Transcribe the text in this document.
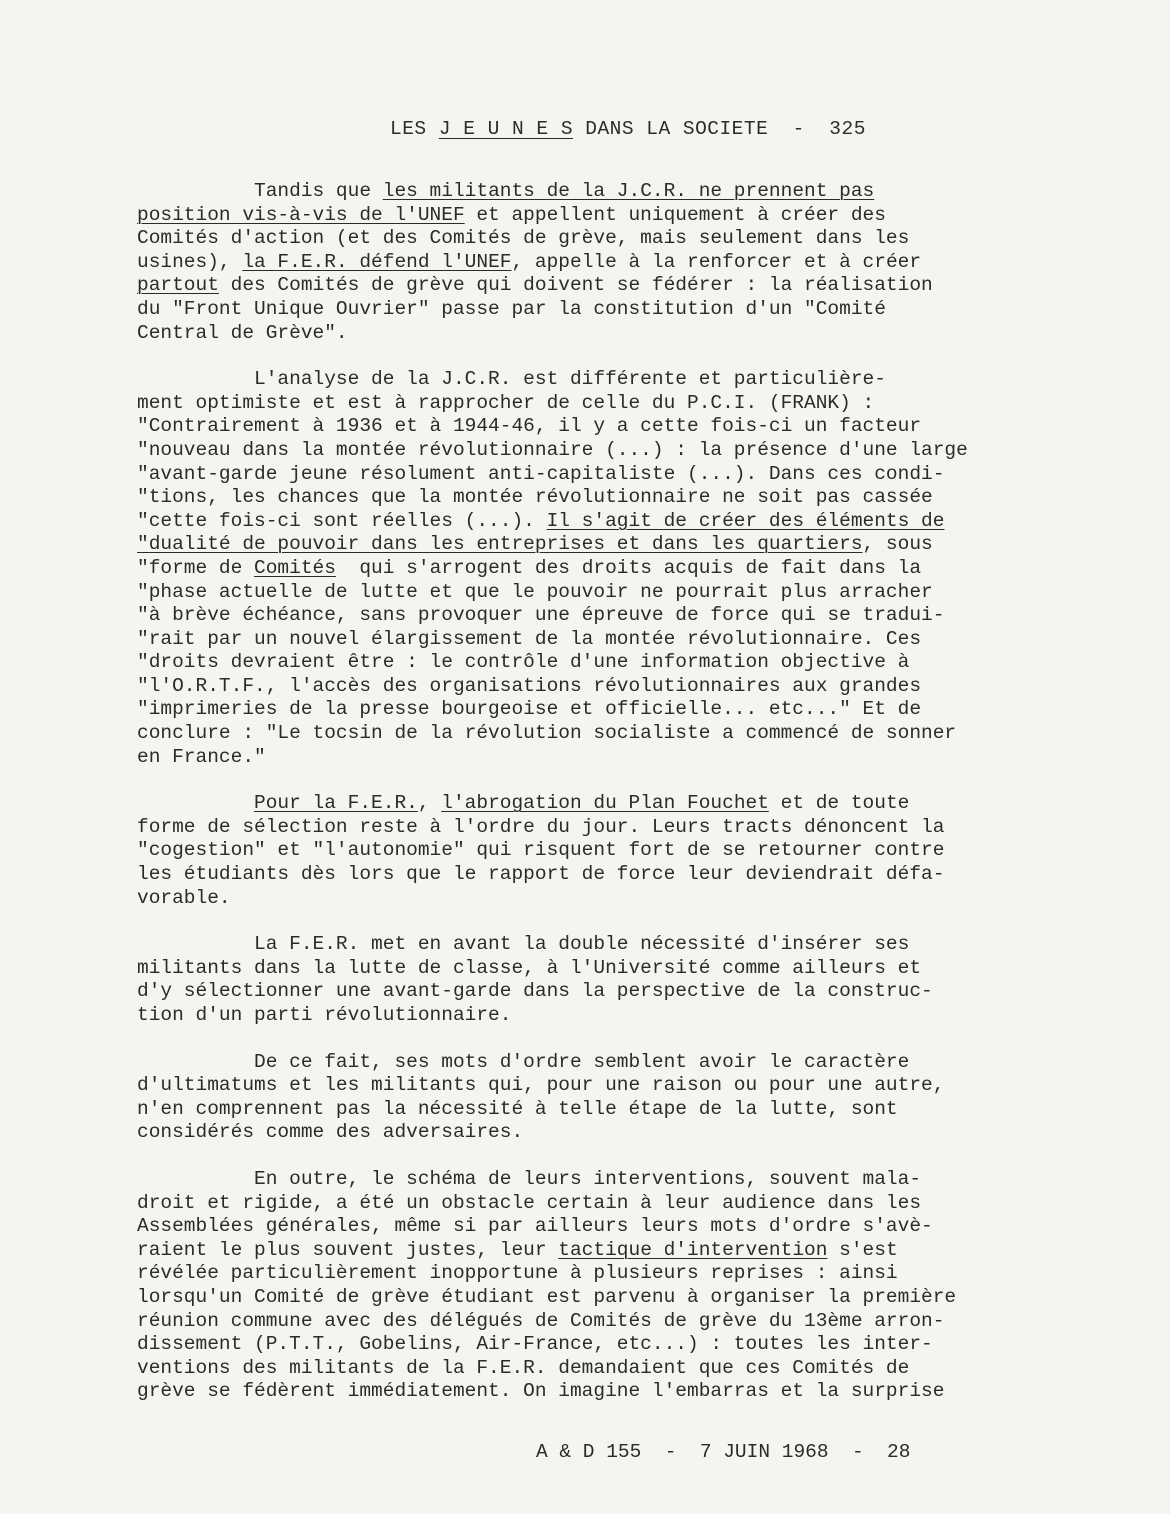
LES J E U N E S DANS LA SOCIETE  -  325
Tandis que les militants de la J.C.R. ne prennent pas
position vis-à-vis de l'UNEF et appellent uniquement à créer des
Comités d'action (et des Comités de grève, mais seulement dans les
usines), la F.E.R. défend l'UNEF, appelle à la renforcer et à créer
partout des Comités de grève qui doivent se fédérer : la réalisation
du "Front Unique Ouvrier" passe par la constitution d'un "Comité
Central de Grève".
L'analyse de la J.C.R. est différente et particulière-
ment optimiste et est à rapprocher de celle du P.C.I. (FRANK) :
"Contrairement à 1936 et à 1944-46, il y a cette fois-ci un facteur
"nouveau dans la montée révolutionnaire (...) : la présence d'une large
"avant-garde jeune résolument anti-capitaliste (...). Dans ces condi-
"tions, les chances que la montée révolutionnaire ne soit pas cassée
"cette fois-ci sont réelles (...). Il s'agit de créer des éléments de
"dualité de pouvoir dans les entreprises et dans les quartiers, sous
"forme de Comités  qui s'arrogent des droits acquis de fait dans la
"phase actuelle de lutte et que le pouvoir ne pourrait plus arracher
"à brève échéance, sans provoquer une épreuve de force qui se tradui-
"rait par un nouvel élargissement de la montée révolutionnaire. Ces
"droits devraient être : le contrôle d'une information objective à
"l'O.R.T.F., l'accès des organisations révolutionnaires aux grandes
"imprimeries de la presse bourgeoise et officielle... etc..." Et de
conclure : "Le tocsin de la révolution socialiste a commencé de sonner
en France."
Pour la F.E.R., l'abrogation du Plan Fouchet et de toute
forme de sélection reste à l'ordre du jour. Leurs tracts dénoncent la
"cogestion" et "l'autonomie" qui risquent fort de se retourner contre
les étudiants dès lors que le rapport de force leur deviendrait défa-
vorable.
La F.E.R. met en avant la double nécessité d'insérer ses
militants dans la lutte de classe, à l'Université comme ailleurs et
d'y sélectionner une avant-garde dans la perspective de la construc-
tion d'un parti révolutionnaire.
De ce fait, ses mots d'ordre semblent avoir le caractère
d'ultimatums et les militants qui, pour une raison ou pour une autre,
n'en comprennent pas la nécessité à telle étape de la lutte, sont
considérés comme des adversaires.
En outre, le schéma de leurs interventions, souvent mala-
droit et rigide, a été un obstacle certain à leur audience dans les
Assemblées générales, même si par ailleurs leurs mots d'ordre s'avè-
raient le plus souvent justes, leur tactique d'intervention s'est
révélée particulièrement inopportune à plusieurs reprises : ainsi
lorsqu'un Comité de grève étudiant est parvenu à organiser la première
réunion commune avec des délégués de Comités de grève du 13ème arron-
dissement (P.T.T., Gobelins, Air-France, etc...) : toutes les inter-
ventions des militants de la F.E.R. demandaient que ces Comités de
grève se fédèrent immédiatement. On imagine l'embarras et la surprise
A & D 155  -  7 JUIN 1968  -  28
